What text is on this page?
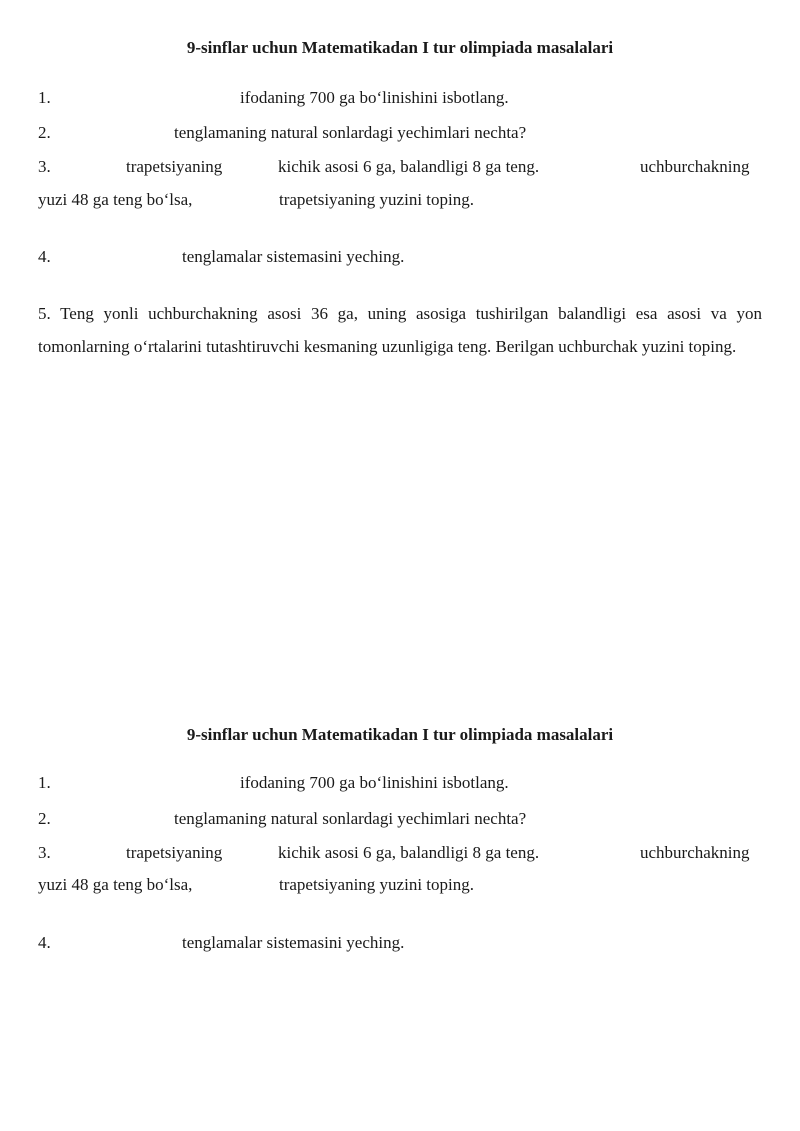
9-sinflar uchun Matematikadan I tur olimpiada masalalari
1.	ifodaning 700 ga bo‘linishini isbotlang.
2.	tenglamaning natural sonlardagi yechimlari nechta?
3.	trapetsiyaning	kichik asosi 6 ga, balandligi 8 ga teng.	uchburchakning
yuzi 48 ga teng bo‘lsa,	trapetsiyaning yuzini toping.
4.	tenglamalar sistemasini yeching.
5. Teng yonli uchburchakning asosi 36 ga, uning asosiga tushirilgan balandligi esa asosi va yon tomonlarning o‘rtalarini tutashtiruvchi kesmaning uzunligiga teng. Berilgan uchburchak yuzini toping.
9-sinflar uchun Matematikadan I tur olimpiada masalalari
1.	ifodaning 700 ga bo‘linishini isbotlang.
2.	tenglamaning natural sonlardagi yechimlari nechta?
3.	trapetsiyaning	kichik asosi 6 ga, balandligi 8 ga teng.	uchburchakning
yuzi 48 ga teng bo‘lsa,	trapetsiyaning yuzini toping.
4.	tenglamalar sistemasini yeching.
